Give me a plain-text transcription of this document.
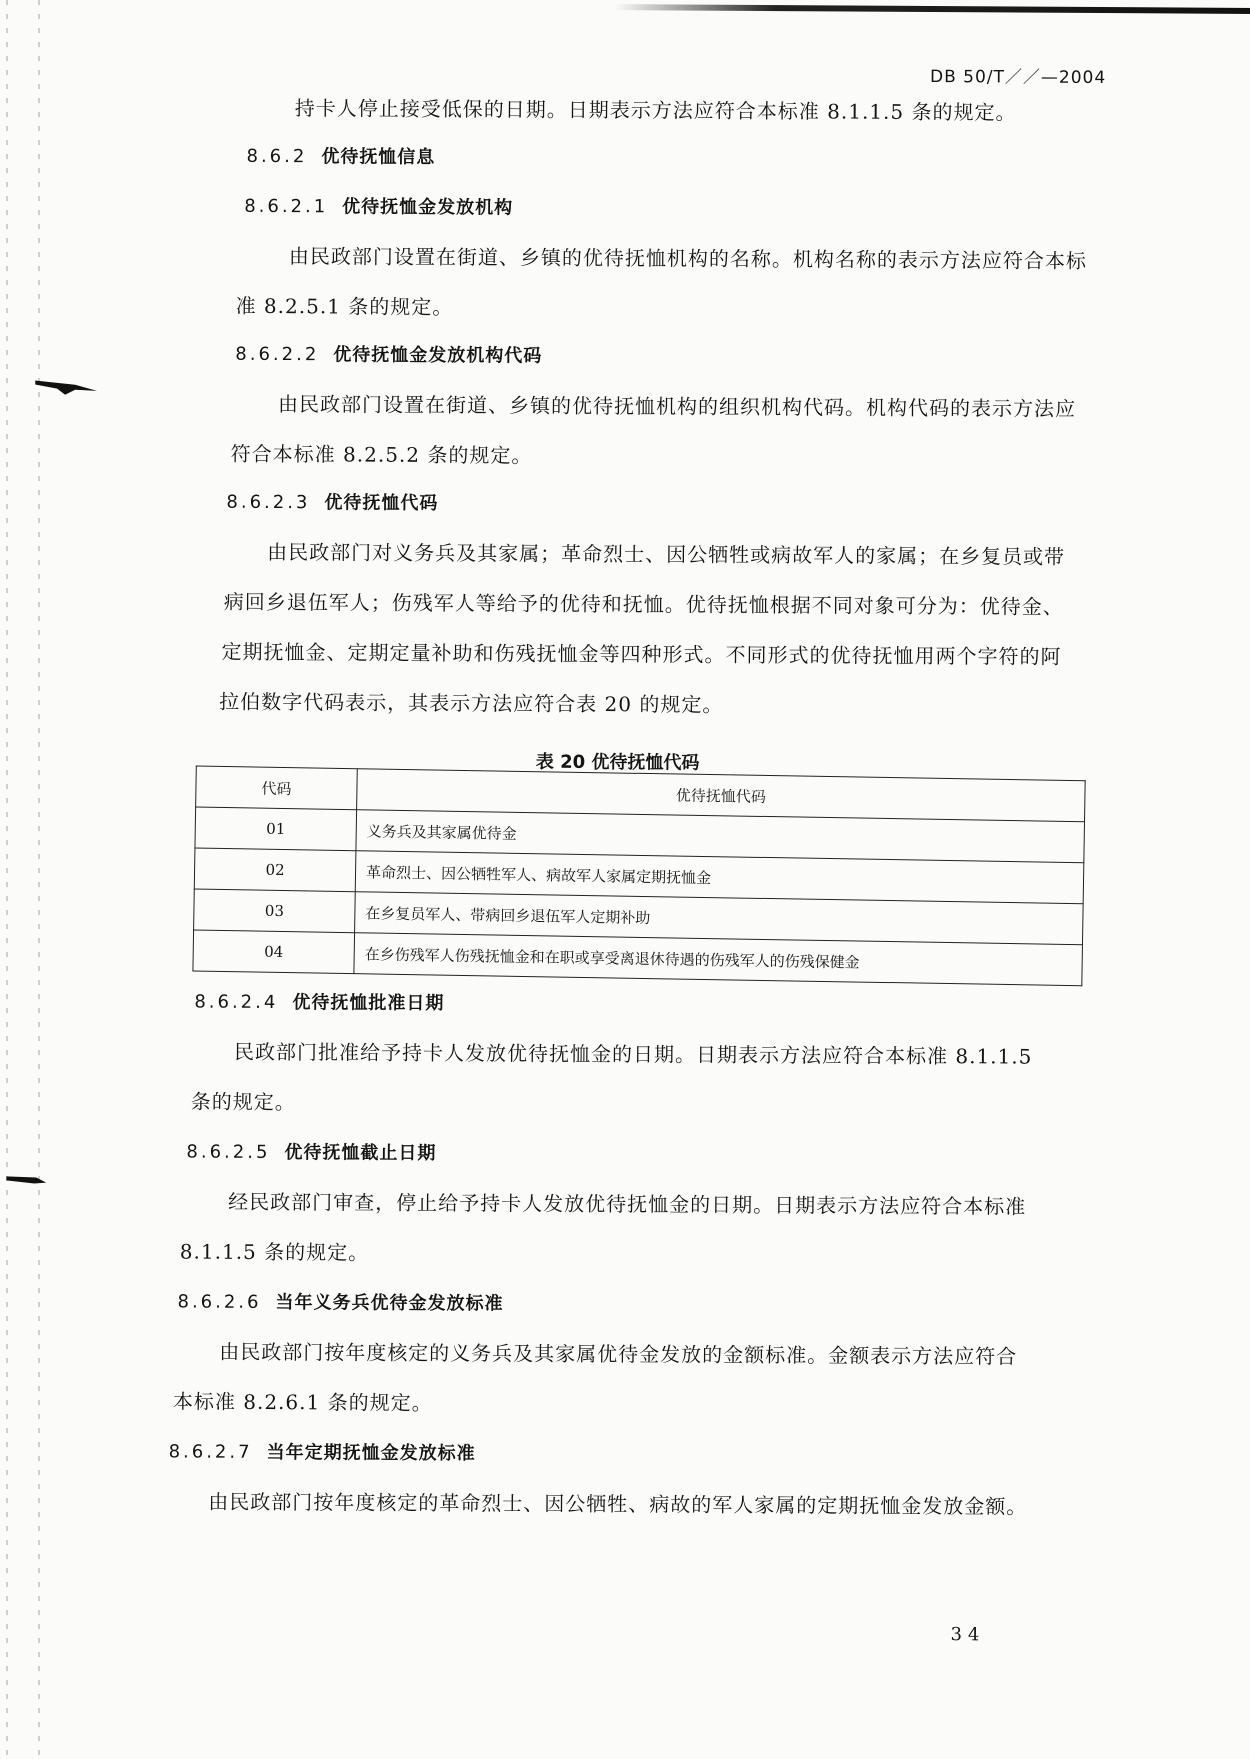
DB 50/T／／—2004
持卡人停止接受低保的日期。日期表示方法应符合本标准 8.1.1.5 条的规定。
8.6.2 优待抚恤信息
8.6.2.1 优待抚恤金发放机构
由民政部门设置在街道、乡镇的优待抚恤机构的名称。机构名称的表示方法应符合本标
准 8.2.5.1 条的规定。
8.6.2.2 优待抚恤金发放机构代码
由民政部门设置在街道、乡镇的优待抚恤机构的组织机构代码。机构代码的表示方法应
符合本标准 8.2.5.2 条的规定。
8.6.2.3 优待抚恤代码
由民政部门对义务兵及其家属；革命烈士、因公牺牲或病故军人的家属；在乡复员或带
病回乡退伍军人；伤残军人等给予的优待和抚恤。优待抚恤根据不同对象可分为：优待金、
定期抚恤金、定期定量补助和伤残抚恤金等四种形式。不同形式的优待抚恤用两个字符的阿
拉伯数字代码表示，其表示方法应符合表 20 的规定。
表 20 优待抚恤代码
代码	优待抚恤代码
01	义务兵及其家属优待金
02	革命烈士、因公牺牲军人、病故军人家属定期抚恤金
03	在乡复员军人、带病回乡退伍军人定期补助
04	在乡伤残军人伤残抚恤金和在职或享受离退休待遇的伤残军人的伤残保健金
8.6.2.4 优待抚恤批准日期
民政部门批准给予持卡人发放优待抚恤金的日期。日期表示方法应符合本标准 8.1.1.5
条的规定。
8.6.2.5 优待抚恤截止日期
经民政部门审查，停止给予持卡人发放优待抚恤金的日期。日期表示方法应符合本标准
8.1.1.5 条的规定。
8.6.2.6 当年义务兵优待金发放标准
由民政部门按年度核定的义务兵及其家属优待金发放的金额标准。金额表示方法应符合
本标准 8.2.6.1 条的规定。
8.6.2.7 当年定期抚恤金发放标准
由民政部门按年度核定的革命烈士、因公牺牲、病故的军人家属的定期抚恤金发放金额。
34
